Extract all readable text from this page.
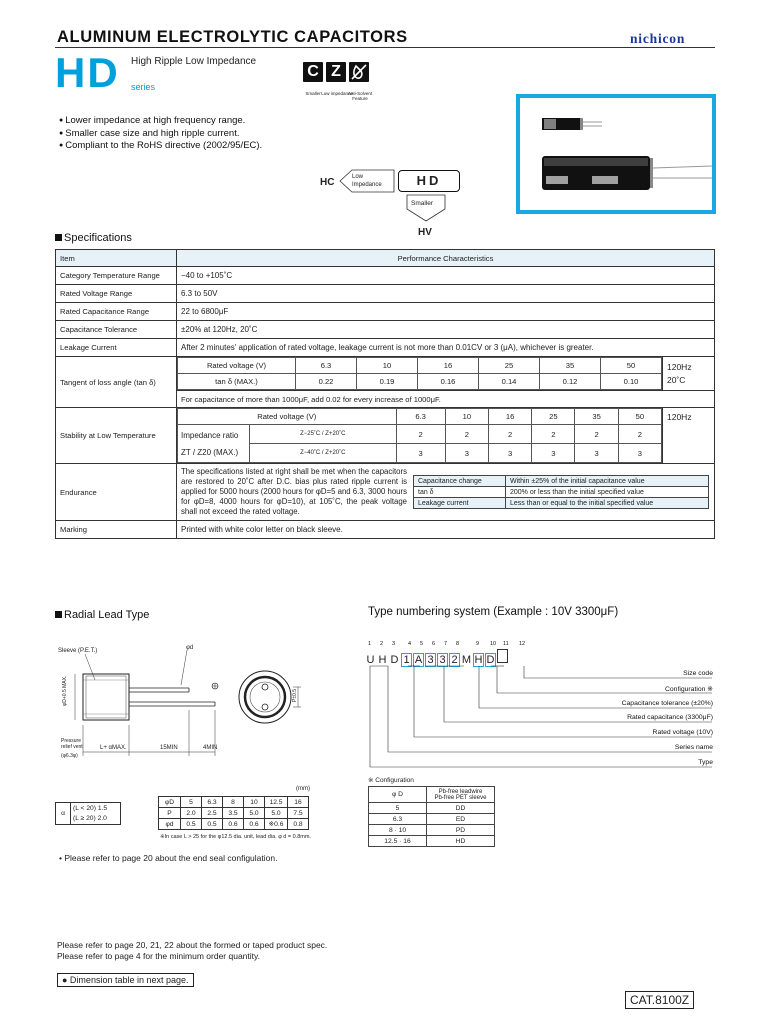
ALUMINUM ELECTROLYTIC CAPACITORS	nichicon
HD High Ripple Low Impedance
series
C Z
Smaller Low impedance
Anti-Solvent Feature
● Lower impedance at high frequency range.
● Smaller case size and high ripple current.
● Compliant to the RoHS directive (2002/95/EC).
HC	Low Impedance	HD
Smaller
HV
Specifications
Item	Performance Characteristics
Category Temperature Range	−40 to +105˚C
Rated Voltage Range	6.3 to 50V
Rated Capacitance Range	22 to 6800μF
Capacitance Tolerance	±20% at 120Hz, 20˚C
Leakage Current	After 2 minutes' application of rated voltage, leakage current is not more than 0.01CV or 3 (μA), whichever is greater.
Tangent of loss angle (tan δ)	
Rated voltage (V)	6.3	10	16	25	35	50
tan δ (MAX.)	0.22	0.19	0.16	0.14	0.12	0.10

120Hz
20˚C

For capacitance of more than 1000μF, add 0.02 for every increase of 1000μF.
Stability at Low Temperature	
Rated voltage (V)	6.3	10	16	25	35	50

Impedance ratio
ZT / Z20 (MAX.)
	Z−25˚C / Z+20˚C	2	2	2	2	2	2
Z−40˚C / Z+20˚C	3	3	3	3	3	3
	120Hz
Endurance	
The specifications listed at right shall be met when the capacitors are restored to 20˚C after D.C. bias plus rated ripple current is applied for 5000 hours (2000 hours for φD=5 and 6.3, 3000 hours for φD=8, 4000 hours for φD=10), at 105˚C, the peak voltage shall not exceed the rated voltage.
Capacitance change	Within ±25% of the initial capacitance value
tan δ	200% or less than the initial specified value
Leakage current	Less than or equal to the initial specified value

Marking	Printed with white color letter on black sleeve.
Radial Lead Type
Sleeve (P.E.T.)	φd
φD+0.5 MAX.
Pressure relief vent
(φ6.3φ)
L+ αMAX.	15MIN	4MIN
P±0.5
(mm)
α	(L < 20) 1.5
(L ≥ 20) 2.0
φD	5	6.3	8	10	12.5	16
P	2.0	2.5	3.5	5.0	5.0	7.5
φd	0.5	0.5	0.6	0.6	※0.6	0.8
※In case L > 25 for the φ12.5 dia. unit, lead dia. φ d = 0.8mm.
• Please refer to page 20 about the end seal configulation.
Type numbering system (Example : 10V 3300μF)
1 2 3 4 5 6 7 8	9 10 11 12
U H D 1 A 3 3 2 M H D
Size code
Configuration ※
Capacitance tolerance (±20%)
Rated capacitance (3300μF)
Rated voltage (10V)
Series name
Type
※ Configuration
φ D	Pb-free leadwire
Pb-free PET sleeve

5	DD
6.3	ED
8 · 10	PD
12.5 · 16	HD
Please refer to page 20, 21, 22 about the formed or taped product spec.
Please refer to page 4 for the minimum order quantity.
● Dimension table in next page.
CAT.8100Z
